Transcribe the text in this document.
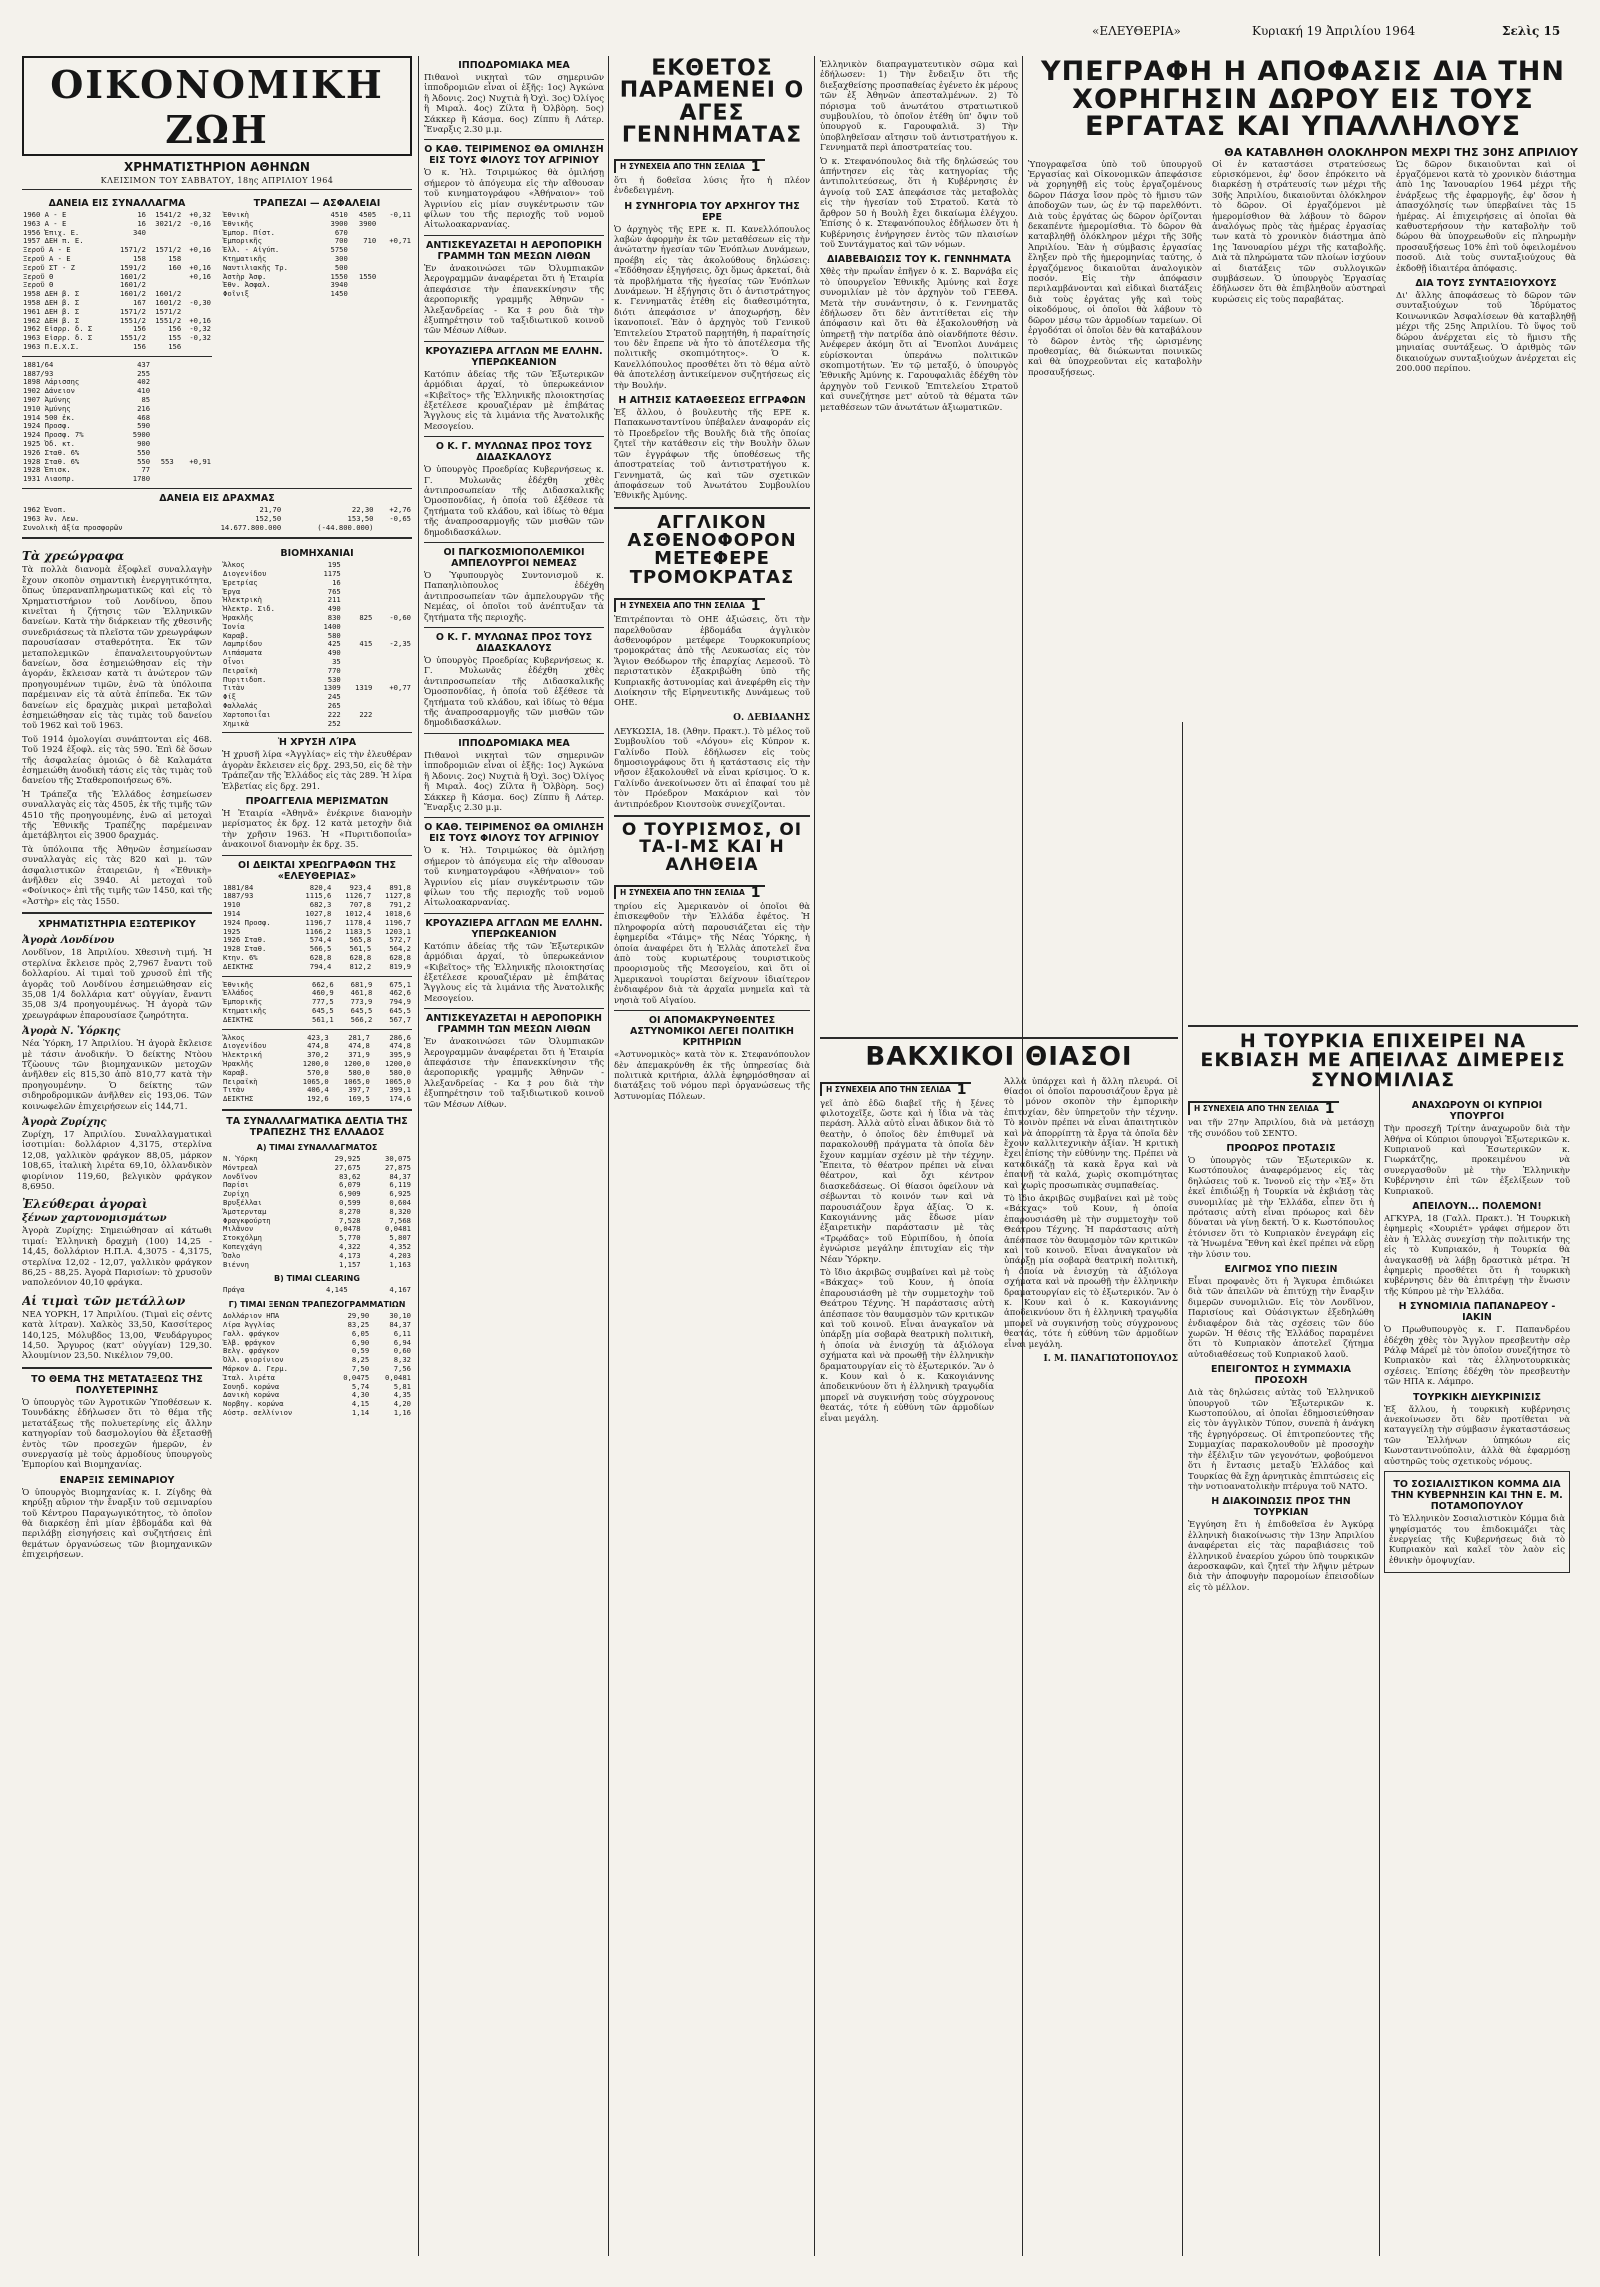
«ΕΛΕΥΘΕΡΙΑ»	Κυριακή 19 Ἀπριλίου 1964	Σελὶς 15
ΟΙΚΟΝΟΜΙΚΗ ΖΩΗ
ΧΡΗΜΑΤΙΣΤΗΡΙΟΝ ΑΘΗΝΩΝ
ΚΛΕΙΣΙΜΟΝ ΤΟΥ ΣΑΒΒΑΤΟΥ, 18ης ΑΠΡΙΛΙΟΥ 1964
ΔΑΝΕΙΑ ΕΙΣ ΣΥΝΑΛΛΑΓΜΑ
1960 Α - Ε	16	1541/2	+0,32
1963 Α - Ε	16	3021/2	-0,16
1956 Ἐπιχ. Ε.	340		
1957 ΔΕΗ π. Ε.			
Ξεροῦ Α - Ε	1571/2	1571/2	+0,16
Ξεροῦ Α - Ε	158	158	
Ξεροῦ ΣΤ - Ζ	1591/2	160	+0,16
Ξεροῦ Θ	1601/2		+0,16
Ξεροῦ Θ	1601/2		
1958 ΔΕΗ β. Σ	1601/2	1601/2	
1958 ΔΕΗ β. Σ	167	1601/2	-0,30
1961 ΔΕΗ β. Σ	1571/2	1571/2	
1962 ΔΕΗ β. Σ	1551/2	1551/2	+0,16
1962 Εἰσρρ. δ. Σ	156	156	-0,32
1963 Εἰσρρ. δ. Σ	1551/2	155	-0,32
1963 Π.Ε.Χ.Σ.	156	156	
1881/64	437		
1887/93	255		
1898 Λάρισσης	402		
1902 Δάνειον	410		
1907 Ἀμύνης	85		
1910 Ἀμύνης	216		
1914 500 ἐκ.	468		
1924 Προσφ.	590		
1924 Προσφ. 7%	5900		
1925 Ὀδ. κτ.	900		
1926 Σταθ. 6%	550		
1928 Σταθ. 6%	550	553	+0,91
1928 Ἐπισκ.	77		
1931 Λιαοπρ.	1780		
ΤΡΑΠΕΖΑΙ — ΑΣΦΑΛΕΙΑΙ
Ἐθνικὴ	4510	4505	-0,11
Ἐθνικῆς	3900	3900	
Ἐμπορ. Πίστ.	670		
Ἐμπορικῆς	700	710	+0,71
Ἑλλ. - Αἰγύπ.	5750		
Κτηματικῆς	300		
Ναυτιλιακῆς Τρ.	500		
Ἀστὴρ Ἀσφ.	1550	1550	
Ἐθν. Ἀσφαλ.	3940		
Φοῖνιξ	1450		
ΔΑΝΕΙΑ ΕΙΣ ΔΡΑΧΜΑΣ
1962 Ἐνοπ.	21,70	22,30	+2,76
1963 Ἀν. Λεω.	152,50	153,50	-0,65
Συνολικὴ ἀξία προσφορῶν	14.677.800.000	(-44.800.000)	
Τὰ χρεώγραφα

Τὰ πολλὰ διανομὰ ἐξοφλεῖ συναλλαγὴν ἔχουν σκοπὸν σημαντικὴ ἐνεργητικότητα, ὅπως ὑπεραναπληρωματικῶς καὶ εἰς τὸ Χρηματιστήριον τοῦ Λονδίνου, ὅπου κινεῖται ἡ ζήτησις τῶν Ἑλληνικῶν δανείων. Κατὰ τὴν διάρκειαν τῆς χθεσινῆς συνεδριάσεως τὰ πλεῖστα τῶν χρεωγράφων παρουσίασαν σταθερότητα. Ἐκ τῶν μεταπολεμικῶν ἐπαναλειτουργούντων δανείων, ὅσα ἐσημειώθησαν εἰς τὴν ἀγοράν, ἔκλεισαν κατὰ τι ἀνώτερον τῶν προηγουμένων τιμῶν, ἐνῶ τὰ ὑπόλοιπα παρέμειναν εἰς τὰ αὐτὰ ἐπίπεδα. Ἐκ τῶν δανείων εἰς δραχμὰς μικραὶ μεταβολαὶ ἐσημειώθησαν εἰς τὰς τιμὰς τοῦ δανείου τοῦ 1962 καὶ τοῦ 1963.

Τοῦ 1914 ὁμολογίαι συνάπτονται εἰς 468. Τοῦ 1924 ἐξοφλ. εἰς τὰς 590. Ἐπὶ δὲ ὅσων τῆς ἀσφαλείας ὁμοιῶς ὁ δὲ Καλαμάτα ἐσημειώθη ἀνοδικὴ τάσις εἰς τὰς τιμὰς τοῦ δανείου τῆς Σταθεροποιήσεως 6%.

Ἡ Τράπεζα τῆς Ἑλλάδος ἐσημείωσεν συναλλαγὰς εἰς τὰς 4505, ἐκ τῆς τιμῆς τῶν 4510 τῆς προηγουμένης, ἐνῶ αἱ μετοχαὶ τῆς Ἐθνικῆς Τραπέζης παρέμειναν ἀμετάβλητοι εἰς 3900 δραχμάς.

Τὰ ὑπόλοιπα τῆς Ἀθηνῶν ἐσημείωσαν συναλλαγὰς εἰς τὰς 820 καὶ μ. τῶν ἀσφαλιστικῶν ἐταιρειῶν, ἡ «Ἐθνικὴ» ἀνῆλθεν εἰς 3940. Αἱ μετοχαὶ τοῦ «Φοίνικος» ἐπὶ τῆς τιμῆς τῶν 1450, καὶ τῆς «Ἀστὴρ» εἰς τὰς 1550.

ΧΡΗΜΑΤΙΣΤΗΡΙΑ ΕΞΩΤΕΡΙΚΟΥ
Ἀγορὰ Λονδίνου

Λονδῖνον, 18 Ἀπριλίου. Χθεσινὴ τιμή. Ἡ στερλίνα ἔκλεισε πρὸς 2,7967 ἔναντι τοῦ δολλαρίου. Αἱ τιμαὶ τοῦ χρυσοῦ ἐπὶ τῆς ἀγορᾶς τοῦ Λονδίνου ἐσημειώθησαν εἰς 35,08 1/4 δολλάρια κατ' οὐγγίαν, ἔναντι 35,08 3/4 προηγουμένως. Ἡ ἀγορὰ τῶν χρεωγράφων ἐπαρουσίασε ζωηρότητα.

Ἀγορὰ Ν. Ὑόρκης

Νέα Ὑόρκη, 17 Ἀπριλίου. Ἡ ἀγορὰ ἔκλεισε μὲ τάσιν ἀνοδικήν. Ὁ δείκτης Ντὸου Τζὼουνς τῶν βιομηχανικῶν μετοχῶν ἀνῆλθεν εἰς 815,30 ἀπὸ 810,77 κατὰ τὴν προηγουμένην. Ὁ δείκτης τῶν σιδηροδρομικῶν ἀνῆλθεν εἰς 193,06. Τῶν κοινωφελῶν ἐπιχειρήσεων εἰς 144,71.

Ἀγορὰ Ζυρίχης

Ζυρίχη, 17 Ἀπριλίου. Συναλλαγματικαὶ ἰσοτιμίαι: δολλάριον 4,3175, στερλίνα 12,08, γαλλικὸν φράγκον 88,05, μάρκον 108,65, ἰταλικὴ λιρέτα 69,10, ὀλλανδικὸν φιορίνιον 119,60, βελγικὸν φράγκον 8,6950.

Ἐλεύθεραι ἀγοραὶ
ξένων χαρτονομισμάτων

Ἀγορὰ Ζυρίχης: Σημειώθησαν αἱ κάτωθι τιμαί: Ἑλληνικὴ δραχμὴ (100) 14,25 - 14,45, δολλάριον Η.Π.Α. 4,3075 - 4,3175, στερλίνα 12,02 - 12,07, γαλλικὸν φράγκον 86,25 - 88,25. Ἀγορὰ Παρισίων: τὸ χρυσοῦν ναπολεόνιον 40,10 φράγκα.

Αἱ τιμαὶ τῶν μετάλλων

ΝΕΑ ΥΟΡΚΗ, 17 Ἀπριλίου. (Τιμαὶ εἰς σέντς κατὰ λίτραν). Χαλκὸς 33,50, Κασσίτερος 140,125, Μόλυβδος 13,00, Ψευδάργυρος 14,50. Ἄργυρος (κατ' οὐγγίαν) 129,30. Ἀλουμίνιον 23,50. Νικέλιον 79,00.

ΤΟ ΘΕΜΑ ΤΗΣ ΜΕΤΑΤΑΞΕΩΣ ΤΗΣ ΠΟΛΥΕΤΕΡΙΝΗΣ

Ὁ ὑπουργὸς τῶν Ἀγροτικῶν Ὑποθέσεων κ. Τουνδάκης ἐδήλωσεν ὅτι τὸ θέμα τῆς μετατάξεως τῆς πολυετερίνης εἰς ἄλλην κατηγορίαν τοῦ δασμολογίου θὰ ἐξετασθῇ ἐντὸς τῶν προσεχῶν ἡμερῶν, ἐν συνεργασίᾳ μὲ τοὺς ἀρμοδίους ὑπουργοὺς Ἐμπορίου καὶ Βιομηχανίας.

ΕΝΑΡΞΙΣ ΣΕΜΙΝΑΡΙΟΥ

Ὁ ὑπουργὸς Βιομηχανίας κ. Ι. Ζίγδης θὰ κηρύξῃ αὔριον τὴν ἔναρξιν τοῦ σεμιναρίου τοῦ Κέντρου Παραγωγικότητος, τὸ ὁποῖον θὰ διαρκέσῃ ἐπὶ μίαν ἑβδομάδα καὶ θὰ περιλάβῃ εἰσηγήσεις καὶ συζητήσεις ἐπὶ θεμάτων ὀργανώσεως τῶν βιομηχανικῶν ἐπιχειρήσεων.

ΒΙΟΜΗΧΑΝΙΑΙ
Ἄλκος	195		
Διογενίδου	1175		
Ἐρετρίας	16		
Ἐργα	765		
Ἠλεκτρικὴ	211		
Ἠλεκτρ. Σιδ.	490		
Ἡρακλῆς	830	825	-0,60
Ἰονία	1400		
Καραβ.	580		
Λαμπρίδου	425	415	-2,35
Λιπάσματα	490		
Οἶνοι	35		
Πειραϊκὴ	770		
Πυριτιδοπ.	530		
Τιτὰν	1309	1319	+0,77
Φίξ	245		
Φαλλαλάς	265		
Χαρτοποιΐαι	222	222	
Χημικὰ	252		
Ἡ ΧΡΥΣΗ͂ ΛΊΡΑ

Ἡ χρυσῆ λίρα «Ἀγγλίας» εἰς τὴν ἐλευθέραν ἀγορὰν ἔκλεισεν εἰς δρχ. 293,50, εἰς δὲ τὴν Τράπεζαν τῆς Ἑλλάδος εἰς τὰς 289. Ἡ λίρα Ἑλβετίας εἰς δρχ. 291.

ΠΡΟΑΓΓΕΛΙΑ ΜΕΡΙΣΜΑΤΩΝ

Ἡ Ἑταιρία «Ἀθηνᾶ» ἐνέκρινε διανομὴν μερίσματος ἐκ δρχ. 12 κατὰ μετοχὴν διὰ τὴν χρῆσιν 1963. Ἡ «Πυριτιδοποιΐα» ἀνακοινοῖ διανομὴν ἐκ δρχ. 35.

ΟΙ ΔΕΙΚΤΑΙ ΧΡΕΩΓΡΑΦΩΝ ΤΗΣ «ΕΛΕΥΘΕΡΙΑΣ»
1881/84	820,4	923,4	891,8
1887/93	1115,6	1126,7	1127,8
1910	682,3	707,8	791,2
1914	1027,8	1012,4	1018,6
1924 Προσφ.	1196,7	1178,4	1196,7
1925	1166,2	1183,5	1203,1
1926 Σταθ.	574,4	565,8	572,7
1928 Σταθ.	566,5	561,5	564,2
Κτην. 6%	628,8	628,8	628,8
ΔΕΙΚΤΗΣ	794,4	812,2	819,9
Ἐθνικῆς	662,6	681,9	675,1
Ἑλλάδος	460,9	461,8	462,6
Ἐμπορικῆς	777,5	773,9	794,9
Κτηματικῆς	645,5	645,5	645,5
ΔΕΙΚΤΗΣ	561,1	566,2	567,7
Ἄλκος	423,3	281,7	286,6
Διογενίδου	474,8	474,8	474,8
Ἠλεκτρική	370,2	371,9	395,9
Ἡρακλῆς	1200,0	1200,0	1200,0
Καραβ.	570,0	580,0	580,0
Πειραϊκὴ	1065,0	1065,0	1065,0
Τιτὰν	406,4	397,7	399,1
ΔΕΙΚΤΗΣ	192,6	169,5	174,6
ΤΑ ΣΥΝΑΛΛΑΓΜΑΤΙΚΑ ΔΕΛΤΙΑ ΤΗΣ ΤΡΑΠΕΖΗΣ ΤΗΣ ΕΛΛΑΔΟΣ
Α) ΤΙΜΑΙ ΣΥΝΑΛΛΑΓΜΑΤΟΣ
Ν. Ὑόρκη	29,925	30,075
Μόντρεαλ	27,675	27,875
Λονδῖνον	83,62	84,37
Παρίσι	6,079	6,119
Ζυρίχη	6,909	6,925
Βρυξέλλαι	0,599	0,604
Ἄμστερνταμ	8,270	8,320
Φραγκφούρτη	7,528	7,568
Μιλᾶνον	0,0478	0,0481
Στοκχόλμη	5,770	5,807
Κοπεγχάγη	4,322	4,352
Ὄσλο	4,173	4,203
Βιέννη	1,157	1,163
Β) ΤΙΜΑΙ CLEARING
Πράγα	4,145	4,167
Γ) ΤΙΜΑΙ ΞΕΝΩΝ ΤΡΑΠΕΖΟΓΡΑΜΜΑΤΙΩΝ
Δολλάριον ΗΠΑ	29,90	30,10
Λίρα Ἀγγλίας	83,25	84,37
Γαλλ. φράγκον	6,05	6,11
Ἑλβ. φράγκον	6,90	6,94
Βελγ. φράγκον	0,59	0,60
Ὀλλ. φιορίνιον	8,25	8,32
Μάρκον Δ. Γερμ.	7,50	7,56
Ἰταλ. λιρέτα	0,0475	0,0481
Σουηδ. κορώνα	5,74	5,81
Δανικὴ κορώνα	4,30	4,35
Νορβηγ. κορώνα	4,15	4,20
Αὐστρ. σελλίνιον	1,14	1,16
ΙΠΠΟΔΡΟΜΙΑΚΑ ΜΕΑ

Πιθανοὶ νικηταὶ τῶν σημερινῶν ἱπποδρομιῶν εἶναι οἱ ἑξῆς: 1ος) Ἀγκώνα ἢ Ἀδονις. 2ος) Νυχτιὰ ἢ Ὀχὶ. 3ος) Ὀλίγος ἢ Μιραλ. 4ος) Ζίλτα ἢ Ὀλβὸρη. 5ος) Σάκκερ ἢ Κάσμα. 6ος) Ζίππυ ἢ Λάτερ. Ἔναρξις 2.30 μ.μ.

Ο ΚΑΘ. ΤΕΙΡΙΜΕΝΟΣ ΘΑ ΟΜΙΛΗΣΗ ΕΙΣ ΤΟΥΣ ΦΙΛΟΥΣ ΤΟΥ ΑΓΡΙΝΙΟΥ

Ὁ κ. Ἡλ. Τσιριμώκος θὰ ὁμιλήσῃ σήμερον τὸ ἀπόγευμα εἰς τὴν αἴθουσαν τοῦ κινηματογράφου «Ἀθήναιον» τοῦ Ἀγρινίου εἰς μίαν συγκέντρωσιν τῶν φίλων του τῆς περιοχῆς τοῦ νομοῦ Αἰτωλοακαρνανίας.

ΑΝΤΙΣΚΕΥΑΖΕΤΑΙ Η ΑΕΡΟΠΟΡΙΚΗ ΓΡΑΜΜΗ ΤΩΝ ΜΕΣΩΝ ΛΙΘΩΝ

Ἐν ἀνακοινώσει τῶν Ὀλυμπιακῶν Ἀερογραμμῶν ἀναφέρεται ὅτι ἡ Ἑταιρία ἀπεφάσισε τὴν ἐπανεκκίνησιν τῆς ἀεροπορικῆς γραμμῆς Ἀθηνῶν - Ἀλεξανδρείας - Κα‡ρου διὰ τὴν ἐξυπηρέτησιν τοῦ ταξιδιωτικοῦ κοινοῦ τῶν Μέσων Λίθων.

ΚΡΟΥΑΖΙΕΡΑ ΑΓΓΛΩΝ ΜΕ ΕΛΛΗΝ. ΥΠΕΡΩΚΕΑΝΙΟΝ

Κατόπιν ἀδείας τῆς τῶν Ἐξωτερικῶν ἀρμόδιαι ἀρχαί, τὸ ὑπερωκεάνιον «Κιβεῖτος» τῆς Ἑλληνικῆς πλοιοκτησίας ἐξετέλεσε κρουαζιέραν μὲ ἐπιβάτας Ἄγγλους εἰς τὰ λιμάνια τῆς Ἀνατολικῆς Μεσογείου.

Ο Κ. Γ. ΜΥΛΩΝΑΣ ΠΡΟΣ ΤΟΥΣ ΔΙΔΑΣΚΑΛΟΥΣ

Ὁ ὑπουργὸς Προεδρίας Κυβερνήσεως κ. Γ. Μυλωνᾶς ἐδέχθη χθὲς ἀντιπροσωπείαν τῆς Διδασκαλικῆς Ὁμοσπονδίας, ἡ ὁποία τοῦ ἐξέθεσε τὰ ζητήματα τοῦ κλάδου, καὶ ἰδίως τὸ θέμα τῆς ἀναπροσαρμογῆς τῶν μισθῶν τῶν δημοδιδασκάλων.

ΟΙ ΠΑΓΚΟΣΜΙΟΠΟΛΕΜΙΚΟΙ ΑΜΠΕΛΟΥΡΓΟΙ ΝΕΜΕΑΣ

Ὁ Ὑφυπουργὸς Συντονισμοῦ κ. Παπαηλιὸπουλος ἐδέχθη ἀντιπροσωπείαν τῶν ἀμπελουργῶν τῆς Νεμέας, οἱ ὁποῖοι τοῦ ἀνέπτυξαν τὰ ζητήματα τῆς περιοχῆς.

Ο Κ. Γ. ΜΥΛΩΝΑΣ ΠΡΟΣ ΤΟΥΣ ΔΙΔΑΣΚΑΛΟΥΣ

Ὁ ὑπουργὸς Προεδρίας Κυβερνήσεως κ. Γ. Μυλωνᾶς ἐδέχθη χθὲς ἀντιπροσωπείαν τῆς Διδασκαλικῆς Ὁμοσπονδίας, ἡ ὁποία τοῦ ἐξέθεσε τὰ ζητήματα τοῦ κλάδου, καὶ ἰδίως τὸ θέμα τῆς ἀναπροσαρμογῆς τῶν μισθῶν τῶν δημοδιδασκάλων.

ΙΠΠΟΔΡΟΜΙΑΚΑ ΜΕΑ

Πιθανοὶ νικηταὶ τῶν σημερινῶν ἱπποδρομιῶν εἶναι οἱ ἑξῆς: 1ος) Ἀγκώνα ἢ Ἀδονις. 2ος) Νυχτιὰ ἢ Ὀχὶ. 3ος) Ὀλίγος ἢ Μιραλ. 4ος) Ζίλτα ἢ Ὀλβὸρη. 5ος) Σάκκερ ἢ Κάσμα. 6ος) Ζίππυ ἢ Λάτερ. Ἔναρξις 2.30 μ.μ.

Ο ΚΑΘ. ΤΕΙΡΙΜΕΝΟΣ ΘΑ ΟΜΙΛΗΣΗ ΕΙΣ ΤΟΥΣ ΦΙΛΟΥΣ ΤΟΥ ΑΓΡΙΝΙΟΥ

Ὁ κ. Ἡλ. Τσιριμώκος θὰ ὁμιλήσῃ σήμερον τὸ ἀπόγευμα εἰς τὴν αἴθουσαν τοῦ κινηματογράφου «Ἀθήναιον» τοῦ Ἀγρινίου εἰς μίαν συγκέντρωσιν τῶν φίλων του τῆς περιοχῆς τοῦ νομοῦ Αἰτωλοακαρνανίας.

ΚΡΟΥΑΖΙΕΡΑ ΑΓΓΛΩΝ ΜΕ ΕΛΛΗΝ. ΥΠΕΡΩΚΕΑΝΙΟΝ

Κατόπιν ἀδείας τῆς τῶν Ἐξωτερικῶν ἀρμόδιαι ἀρχαί, τὸ ὑπερωκεάνιον «Κιβεῖτος» τῆς Ἑλληνικῆς πλοιοκτησίας ἐξετέλεσε κρουαζιέραν μὲ ἐπιβάτας Ἄγγλους εἰς τὰ λιμάνια τῆς Ἀνατολικῆς Μεσογείου.

ΑΝΤΙΣΚΕΥΑΖΕΤΑΙ Η ΑΕΡΟΠΟΡΙΚΗ ΓΡΑΜΜΗ ΤΩΝ ΜΕΣΩΝ ΛΙΘΩΝ

Ἐν ἀνακοινώσει τῶν Ὀλυμπιακῶν Ἀερογραμμῶν ἀναφέρεται ὅτι ἡ Ἑταιρία ἀπεφάσισε τὴν ἐπανεκκίνησιν τῆς ἀεροπορικῆς γραμμῆς Ἀθηνῶν - Ἀλεξανδρείας - Κα‡ρου διὰ τὴν ἐξυπηρέτησιν τοῦ ταξιδιωτικοῦ κοινοῦ τῶν Μέσων Λίθων.

ΕΚΘΕΤΟΣ ΠΑΡΑΜΕΝΕΙ Ο ΑΓΕΣ ΓΕΝΝΗΜΑΤΑΣ
Η ΣΥΝΕΧΕΙΑ ΑΠΟ ΤΗΝ ΣΕΛΙΔΑ 1

ὅτι ἡ δοθεῖσα λύσις ἦτο ἡ πλέον ἐνδεδειγμένη.

Η ΣΥΝΗΓΟΡΙΑ ΤΟΥ ΑΡΧΗΓΟΥ ΤΗΣ ΕΡΕ

Ὁ ἀρχηγὸς τῆς ΕΡΕ κ. Π. Κανελλόπουλος λαβὼν ἀφορμὴν ἐκ τῶν μεταθέσεων εἰς τὴν ἀνώτατην ἡγεσίαν τῶν Ἐνόπλων Δυνάμεων, προέβη εἰς τὰς ἀκολούθους δηλώσεις: «Ἐδόθησαν ἐξηγήσεις, ὄχι ὅμως ἀρκεταί, διὰ τὰ προβλήματα τῆς ἡγεσίας τῶν Ἐνόπλων Δυνάμεων. Ἡ ἐξήγησις ὅτι ὁ ἀντιστράτηγος κ. Γεννηματᾶς ἐτέθη εἰς διαθεσιμότητα, διότι ἀπεφάσισε ν' ἀποχωρήσῃ, δὲν ἱκανοποιεῖ. Ἐὰν ὁ ἀρχηγὸς τοῦ Γενικοῦ Ἐπιτελείου Στρατοῦ παρῃτήθη, ἡ παραίτησίς του δὲν ἔπρεπε νὰ ἦτο τὸ ἀποτέλεσμα τῆς πολιτικῆς σκοπιμότητος». Ὁ κ. Κανελλόπουλος προσθέτει ὅτι τὸ θέμα αὐτὸ θὰ ἀποτελέσῃ ἀντικείμενον συζητήσεως εἰς τὴν Βουλήν.

Η ΑΙΤΗΣΙΣ ΚΑΤΑΘΕΣΕΩΣ ΕΓΓΡΑΦΩΝ

Ἐξ ἄλλου, ὁ βουλευτὴς τῆς ΕΡΕ κ. Παπακωνσταντίνου ὑπέβαλεν ἀναφοράν εἰς τὸ Προεδρεῖον τῆς Βουλῆς διὰ τῆς ὁποίας ζητεῖ τὴν κατάθεσιν εἰς τὴν Βουλὴν ὅλων τῶν ἐγγράφων τῆς ὑποθέσεως τῆς ἀποστρατείας τοῦ ἀντιστρατήγου κ. Γεννηματᾶ, ὡς καὶ τῶν σχετικῶν ἀποφάσεων τοῦ Ἀνωτάτου Συμβουλίου Ἐθνικῆς Ἀμύνης.

ΑΓΓΛΙΚΟΝ ΑΣΘΕΝΟΦΟΡΟΝ ΜΕΤΕΦΕΡΕ ΤΡΟΜΟΚΡΑΤΑΣ
Η ΣΥΝΕΧΕΙΑ ΑΠΟ ΤΗΝ ΣΕΛΙΔΑ 1

Ἐπιτρέπονται τὸ ΟΗΕ ἀξιώσεις, ὅτι τὴν παρελθοῦσαν ἑβδομάδα ἀγγλικὸν ἀσθενοφόρον μετέφερε Τουρκοκυπρίους τρομοκράτας ἀπὸ τῆς Λευκωσίας εἰς τὸν Ἅγιον Θεόδωρον τῆς ἐπαρχίας Λεμεσοῦ. Τὸ περιστατικὸν ἐξακριβώθη ὑπὸ τῆς Κυπριακῆς ἀστυνομίας καὶ ἀνεφέρθη εἰς τὴν Διοίκησιν τῆς Εἰρηνευτικῆς Δυνάμεως τοῦ ΟΗΕ.

Ο. ΔΕΒΙΔΑΝΗΣ

ΛΕΥΚΩΣΙΑ, 18. (Ἀθην. Πρακτ.). Τὸ μέλος τοῦ Συμβουλίου τοῦ «Λόγου» εἰς Κύπρον κ. Γαλίνδο Ποὺλ ἐδήλωσεν εἰς τοὺς δημοσιογράφους ὅτι ἡ κατάστασις εἰς τὴν νῆσον ἐξακολουθεῖ νὰ εἶναι κρίσιμος. Ὁ κ. Γαλίνδο ἀνεκοίνωσεν ὅτι αἱ ἐπαφαί του μὲ τὸν Πρόεδρον Μακάριον καὶ τὸν ἀντιπρόεδρον Κιουτσοὺκ συνεχίζονται.

Ο ΤΟΥΡΙΣΜΟΣ, ΟΙ ΤΑ-Ι-ΜΣ ΚΑΙ Η ΑΛΗΘΕΙΑ
Η ΣΥΝΕΧΕΙΑ ΑΠΟ ΤΗΝ ΣΕΛΙΔΑ 1

τηρίου εἰς Ἀμερικανὸν οἱ ὁποῖοι θὰ ἐπισκεφθοῦν τὴν Ἑλλάδα ἐφέτος. Ἡ πληροφορία αὐτὴ παρουσιάζεται εἰς τὴν ἐφημερίδα «Τάιμς» τῆς Νέας Ὑόρκης, ἡ ὁποία ἀναφέρει ὅτι ἡ Ἑλλὰς ἀποτελεῖ ἕνα ἀπὸ τοὺς κυριωτέρους τουριστικοὺς προορισμοὺς τῆς Μεσογείου, καὶ ὅτι οἱ Ἀμερικανοὶ τουρίσται δείχνουν ἰδιαίτερον ἐνδιαφέρον διὰ τὰ ἀρχαῖα μνημεῖα καὶ τὰ νησιὰ τοῦ Αἰγαίου.

ΟΙ ΑΠΟΜΑΚΡΥΝΘΕΝΤΕΣ ΑΣΤΥΝΟΜΙΚΟΙ ΛΕΓΕΙ ΠΟΛΙΤΙΚΗ ΚΡΙΤΗΡΙΩΝ

«Ἀστυνομικὸς» κατὰ τὸν κ. Στεφανόπουλον δὲν ἀπεμακρύνθη ἐκ τῆς ὑπηρεσίας διὰ πολιτικὰ κριτήρια, ἀλλὰ ἐφηρμόσθησαν αἱ διατάξεις τοῦ νόμου περὶ ὀργανώσεως τῆς Ἀστυνομίας Πόλεων.

Ἑλληνικὸν διαπραγματευτικὸν σῶμα καὶ ἐδήλωσεν: 1) Τὴν ἔνδειξιν ὅτι τῆς διεξαχθείσης προσπαθείας ἐγένετο ἐκ μέρους τῶν ἐξ Ἀθηνῶν ἀπεσταλμένων. 2) Τὸ πόρισμα τοῦ ἀνωτάτου στρατιωτικοῦ συμβουλίου, τὸ ὁποῖον ἐτέθη ὑπ' ὄψιν τοῦ ὑπουργοῦ κ. Γαρουφαλιᾶ. 3) Τὴν ὑποβληθεῖσαν αἴτησιν τοῦ ἀντιστρατήγου κ. Γεννηματᾶ περὶ ἀποστρατείας του.

Ὁ κ. Στεφανόπουλος διὰ τῆς δηλώσεώς του ἀπήντησεν εἰς τὰς κατηγορίας τῆς ἀντιπολιτεύσεως, ὅτι ἡ Κυβέρνησις ἐν ἀγνοίᾳ τοῦ ΣΑΣ ἀπεφάσισε τὰς μεταβολὰς εἰς τὴν ἡγεσίαν τοῦ Στρατοῦ. Κατὰ τὸ ἄρθρον 50 ἡ Βουλὴ ἔχει δικαίωμα ἐλέγχου. Ἐπίσης ὁ κ. Στεφανόπουλος ἐδήλωσεν ὅτι ἡ Κυβέρνησις ἐνήργησεν ἐντὸς τῶν πλαισίων τοῦ Συντάγματος καὶ τῶν νόμων.

ΔΙΑΒΕΒΑΙΩΣΙΣ ΤΟΥ Κ. ΓΕΝΝΗΜΑΤΑ

Χθὲς τὴν πρωΐαν ἐπῆγεν ὁ κ. Σ. Βαρνάβα εἰς τὸ ὑπουργεῖον Ἐθνικῆς Ἀμύνης καὶ ἔσχε συνομιλίαν μὲ τὸν ἀρχηγὸν τοῦ ΓΕΕΘΑ. Μετὰ τὴν συνάντησιν, ὁ κ. Γεννηματᾶς ἐδήλωσεν ὅτι δὲν ἀντιτίθεται εἰς τὴν ἀπόφασιν καὶ ὅτι θὰ ἐξακολουθήσῃ νὰ ὑπηρετῇ τὴν πατρίδα ἀπὸ οἱανδήποτε θέσιν. Ἀνέφερεν ἀκόμη ὅτι αἱ Ἔνοπλοι Δυνάμεις εὑρίσκονται ὑπεράνω πολιτικῶν σκοπιμοτήτων. Ἐν τῷ μεταξύ, ὁ ὑπουργὸς Ἐθνικῆς Ἀμύνης κ. Γαρουφαλιᾶς ἐδέχθη τὸν ἀρχηγὸν τοῦ Γενικοῦ Ἐπιτελείου Στρατοῦ καὶ συνεζήτησε μετ' αὐτοῦ τὰ θέματα τῶν μεταθέσεων τῶν ἀνωτάτων ἀξιωματικῶν.

ΒΑΚΧΙΚΟΙ ΘΙΑΣΟΙ
Η ΣΥΝΕΧΕΙΑ ΑΠΟ ΤΗΝ ΣΕΛΙΔΑ 1

γεῖ ἀπὸ ἐδῶ διαβεῖ τῆς ἡ ξένες φιλοτοχεῖξε, ὥστε καὶ ἡ ἴδια νὰ τὰς περάση. Ἀλλὰ αὐτὸ εἶναι ἄδικον διὰ τὸ θεατὴν, ὁ ὁποῖος δὲν ἐπιθυμεῖ νὰ παρακολουθῇ πράγματα τὰ ὁποῖα δὲν ἔχουν καμμίαν σχέσιν μὲ τὴν τέχνην. Ἔπειτα, τὸ θέατρον πρέπει νὰ εἶναι θέατρον, καὶ ὄχι κέντρον διασκεδάσεως. Οἱ θίασοι ὀφείλουν νὰ σέβωνται τὸ κοινόν των καὶ νὰ παρουσιάζουν ἔργα ἀξίας. Ὁ κ. Κακογιάννης μᾶς ἔδωσε μίαν ἐξαιρετικὴν παράστασιν μὲ τὰς «Τρῳάδας» τοῦ Εὐριπίδου, ἡ ὁποία ἐγνώρισε μεγάλην ἐπιτυχίαν εἰς τὴν Νέαν Ὑόρκην.

Τὸ ἴδιο ἀκριβῶς συμβαίνει καὶ μὲ τοὺς «Βάκχας» τοῦ Κουν, ἡ ὁποία ἐπαρουσιάσθη μὲ τὴν συμμετοχὴν τοῦ Θεάτρου Τέχνης. Ἡ παράστασις αὐτὴ ἀπέσπασε τὸν θαυμασμὸν τῶν κριτικῶν καὶ τοῦ κοινοῦ. Εἶναι ἀναγκαῖον νὰ ὑπάρξῃ μία σοβαρὰ θεατρικὴ πολιτικὴ, ἡ ὁποία νὰ ἐνισχύῃ τὰ ἀξιόλογα σχήματα καὶ νὰ προωθῇ τὴν ἑλληνικὴν δραματουργίαν εἰς τὸ ἐξωτερικόν. Ἂν ὁ κ. Κουν καὶ ὁ κ. Κακογιάννης ἀποδεικνύουν ὅτι ἡ ἑλληνικὴ τραγῳδία μπορεῖ νὰ συγκινήσῃ τοὺς σύγχρονους θεατάς, τότε ἡ εὐθύνη τῶν ἁρμοδίων εἶναι μεγάλη.

Ἀλλὰ ὑπάρχει καὶ ἡ ἄλλη πλευρά. Οἱ θίασοι οἱ ὁποῖοι παρουσιάζουν ἔργα μὲ τὸ μόνον σκοπὸν τὴν ἐμπορικὴν ἐπιτυχίαν, δὲν ὑπηρετοῦν τὴν τέχνην. Τὸ κοινὸν πρέπει νὰ εἶναι ἀπαιτητικὸν καὶ νὰ ἀπορρίπτῃ τὰ ἔργα τὰ ὁποῖα δὲν ἔχουν καλλιτεχνικὴν ἀξίαν. Ἡ κριτικὴ ἔχει ἐπίσης τὴν εὐθύνην της. Πρέπει νὰ καταδικάζῃ τὰ κακὰ ἔργα καὶ νὰ ἐπαινῇ τὰ καλά, χωρὶς σκοπιμότητας καὶ χωρὶς προσωπικὰς συμπαθείας.

Τὸ ἴδιο ἀκριβῶς συμβαίνει καὶ μὲ τοὺς «Βάκχας» τοῦ Κουν, ἡ ὁποία ἐπαρουσιάσθη μὲ τὴν συμμετοχὴν τοῦ Θεάτρου Τέχνης. Ἡ παράστασις αὐτὴ ἀπέσπασε τὸν θαυμασμὸν τῶν κριτικῶν καὶ τοῦ κοινοῦ. Εἶναι ἀναγκαῖον νὰ ὑπάρξῃ μία σοβαρὰ θεατρικὴ πολιτικὴ, ἡ ὁποία νὰ ἐνισχύῃ τὰ ἀξιόλογα σχήματα καὶ νὰ προωθῇ τὴν ἑλληνικὴν δραματουργίαν εἰς τὸ ἐξωτερικόν. Ἂν ὁ κ. Κουν καὶ ὁ κ. Κακογιάννης ἀποδεικνύουν ὅτι ἡ ἑλληνικὴ τραγῳδία μπορεῖ νὰ συγκινήσῃ τοὺς σύγχρονους θεατάς, τότε ἡ εὐθύνη τῶν ἁρμοδίων εἶναι μεγάλη.

Ι. Μ. ΠΑΝΑΓΙΩΤΟΠΟΥΛΟΣ
ΥΠΕΓΡΑΦΗ Η ΑΠΟΦΑΣΙΣ ΔΙΑ ΤΗΝ ΧΟΡΗΓΗΣΙΝ ΔΩΡΟΥ ΕΙΣ ΤΟΥΣ ΕΡΓΑΤΑΣ ΚΑΙ ΥΠΑΛΛΗΛΟΥΣ
ΘΑ ΚΑΤΑΒΛΗΘΗ ΟΛΟΚΛΗΡΟΝ ΜΕΧΡΙ ΤΗΣ 30ΗΣ ΑΠΡΙΛΙΟΥ

Ὑπογραφεῖσα ὑπὸ τοῦ ὑπουργοῦ Ἐργασίας καὶ Οἰκονομικῶν ἀπεφάσισε νὰ χορηγηθῇ εἰς τοὺς ἐργαζομένους δῶρον Πάσχα ἴσον πρὸς τὸ ἥμισυ τῶν ἀποδοχῶν των, ὡς ἐν τῷ παρελθόντι. Διὰ τοὺς ἐργάτας ὡς δῶρον ὁρίζονται δεκαπέντε ἡμερομίσθια. Τὸ δῶρον θὰ καταβληθῇ ὁλόκληρον μέχρι τῆς 30ῆς Ἀπριλίου. Ἐὰν ἡ σύμβασις ἐργασίας ἔληξεν πρὸ τῆς ἡμερομηνίας ταύτης, ὁ ἐργαζόμενος δικαιοῦται ἀναλογικὸν ποσόν. Εἰς τὴν ἀπόφασιν περιλαμβάνονται καὶ εἰδικαὶ διατάξεις διὰ τοὺς ἐργάτας γῆς καὶ τοὺς οἰκοδόμους, οἱ ὁποῖοι θὰ λάβουν τὸ δῶρον μέσῳ τῶν ἀρμοδίων ταμείων. Οἱ ἐργοδόται οἱ ὁποῖοι δὲν θὰ καταβάλουν τὸ δῶρον ἐντὸς τῆς ὡρισμένης προθεσμίας, θὰ διώκωνται ποινικῶς καὶ θὰ ὑποχρεοῦνται εἰς καταβολὴν προσαυξήσεως.

Οἱ ἐν καταστάσει στρατεύσεως εὑρισκόμενοι, ἐφ' ὅσον ἐπρόκειτο νὰ διαρκέσῃ ἡ στράτευσίς των μέχρι τῆς 30ῆς Ἀπριλίου, δικαιοῦνται ὁλόκληρον τὸ δῶρον. Οἱ ἐργαζόμενοι μὲ ἡμερομίσθιον θὰ λάβουν τὸ δῶρον ἀναλόγως πρὸς τὰς ἡμέρας ἐργασίας των κατὰ τὸ χρονικὸν διάστημα ἀπὸ 1ης Ἰανουαρίου μέχρι τῆς καταβολῆς. Διὰ τὰ πληρώματα τῶν πλοίων ἰσχύουν αἱ διατάξεις τῶν συλλογικῶν συμβάσεων. Ὁ ὑπουργὸς Ἐργασίας ἐδήλωσεν ὅτι θὰ ἐπιβληθοῦν αὐστηραὶ κυρώσεις εἰς τοὺς παραβάτας.

Ὡς δῶρον δικαιοῦνται καὶ οἱ ἐργαζόμενοι κατὰ τὸ χρονικὸν διάστημα ἀπὸ 1ης Ἰανουαρίου 1964 μέχρι τῆς ἐνάρξεως τῆς ἐφαρμογῆς, ἐφ' ὅσον ἡ ἀπασχόλησίς των ὑπερβαίνει τὰς 15 ἡμέρας. Αἱ ἐπιχειρήσεις αἱ ὁποῖαι θὰ καθυστερήσουν τὴν καταβολὴν τοῦ δώρου θὰ ὑποχρεωθοῦν εἰς πληρωμὴν προσαυξήσεως 10% ἐπὶ τοῦ ὀφειλομένου ποσοῦ. Διὰ τοὺς συνταξιούχους θὰ ἐκδοθῇ ἰδιαιτέρα ἀπόφασις.

ΔΙΑ ΤΟΥΣ ΣΥΝΤΑΞΙΟΥΧΟΥΣ

Δι' ἄλλης ἀποφάσεως τὸ δῶρον τῶν συνταξιούχων τοῦ Ἱδρύματος Κοινωνικῶν Ἀσφαλίσεων θὰ καταβληθῇ μέχρι τῆς 25ης Ἀπριλίου. Τὸ ὕψος τοῦ δώρου ἀνέρχεται εἰς τὸ ἥμισυ τῆς μηνιαίας συντάξεως. Ὁ ἀριθμὸς τῶν δικαιούχων συνταξιούχων ἀνέρχεται εἰς 200.000 περίπου.

Η ΤΟΥΡΚΙΑ ΕΠΙΧΕΙΡΕΙ ΝΑ ΕΚΒΙΑΣΗ ΜΕ ΑΠΕΙΛΑΣ ΔΙΜΕΡΕΙΣ ΣΥΝΟΜΙΛΙΑΣ
Η ΣΥΝΕΧΕΙΑ ΑΠΟ ΤΗΝ ΣΕΛΙΔΑ 1

ναι τῆν 27ην Ἀπριλίου, διὰ νὰ μετάσχῃ τῆς συνόδου τοῦ ΣΕΝΤΟ.

ΠΡΟΩΡΟΣ ΠΡΟΤΑΣΙΣ

Ὁ ὑπουργὸς τῶν Ἐξωτερικῶν κ. Κωστόπουλος ἀναφερόμενος εἰς τὰς δηλώσεις τοῦ κ. Ἰνονοῦ εἰς τὴν «Ἐξ» ὅτι ἐκεῖ ἐπιδιώξῃ ἡ Τουρκία νὰ ἐκβιάσῃ τὰς συνομιλίας μὲ τὴν Ἑλλάδα, εἶπεν ὅτι ἡ πρότασις αὐτὴ εἶναι πρόωρος καὶ δὲν δύναται νὰ γίνῃ δεκτή. Ὁ κ. Κωστόπουλος ἐτόνισεν ὅτι τὸ Κυπριακὸν ἐνεγράφη εἰς τὰ Ἡνωμένα Ἔθνη καὶ ἐκεῖ πρέπει νὰ εὕρῃ τὴν λύσιν του.

ΕΛΙΓΜΟΣ ΥΠΟ ΠΙΕΣΙΝ

Εἶναι προφανὲς ὅτι ἡ Ἄγκυρα ἐπιδιώκει διὰ τῶν ἀπειλῶν νὰ ἐπιτύχῃ τὴν ἔναρξιν διμερῶν συνομιλιῶν. Εἰς τὸν Λονδῖνον, Παρισίους καὶ Οὐάσιγκτων ἐξεδηλώθη ἐνδιαφέρον διὰ τὰς σχέσεις τῶν δύο χωρῶν. Ἡ θέσις τῆς Ἑλλάδος παραμένει ὅτι τὸ Κυπριακὸν ἀποτελεῖ ζήτημα αὐτοδιαθέσεως τοῦ Κυπριακοῦ λαοῦ.

ΕΠΕΙΓΟΝΤΟΣ Η ΣΥΜΜΑΧΙΑ ΠΡΟΣΟΧΗ

Διὰ τὰς δηλώσεις αὐτὰς τοῦ Ἑλληνικοῦ ὑπουργοῦ τῶν Ἐξωτερικῶν κ. Κωστοπούλου, αἱ ὁποῖαι ἐδημοσιεύθησαν εἰς τὸν ἀγγλικὸν Τύπον, συνεπὰ ἡ ἀνάγκη τῆς ἐγρηγόρσεως. Οἱ ἐπιτροπεύοντες τῆς Συμμαχίας παρακολουθοῦν μὲ προσοχὴν τὴν ἐξέλιξιν τῶν γεγονότων, φοβούμενοι ὅτι ἡ ἔντασις μεταξὺ Ἑλλάδος καὶ Τουρκίας θὰ ἔχῃ ἀρνητικὰς ἐπιπτώσεις εἰς τὴν νοτιοανατολικὴν πτέρυγα τοῦ ΝΑΤΟ.

Η ΔΙΑΚΟΙΝΩΣΙΣ ΠΡΟΣ ΤΗΝ ΤΟΥΡΚΙΑΝ

Ἐγγύηση ἔτι ἡ ἐπιδοθεῖσα ἐν Ἀγκύρᾳ ἑλληνικὴ διακοίνωσις τὴν 13ην Ἀπριλίου ἀναφέρεται εἰς τὰς παραβιάσεις τοῦ ἑλληνικοῦ ἐναερίου χώρου ὑπὸ τουρκικῶν ἀεροσκαφῶν, καὶ ζητεῖ τὴν λῆψιν μέτρων διὰ τὴν ἀποφυγὴν παρομοίων ἐπεισοδίων εἰς τὸ μέλλον.

ΑΝΑΧΩΡΟΥΝ ΟΙ ΚΥΠΡΙΟΙ ΥΠΟΥΡΓΟΙ

Τὴν προσεχῆ Τρίτην ἀναχωροῦν διὰ τὴν Ἀθήνα οἱ Κύπριοι ὑπουργοὶ Ἐξωτερικῶν κ. Κυπριανοῦ καὶ Ἐσωτερικῶν κ. Γιωρκάτζης, προκειμένου νὰ συνεργασθοῦν μὲ τὴν Ἑλληνικὴν Κυβέρνησιν ἐπὶ τῶν ἐξελίξεων τοῦ Κυπριακοῦ.

ΑΠΕΙΛΟΥΝ... ΠΟΛΕΜΟΝ!

ΑΓΚΥΡΑ, 18 (Γαλλ. Πρακτ.). Ἡ Τουρκικὴ ἐφημερὶς «Χουριέτ» γράφει σήμερον ὅτι ἐὰν ἡ Ἑλλὰς συνεχίσῃ τὴν πολιτικήν της εἰς τὸ Κυπριακόν, ἡ Τουρκία θὰ ἀναγκασθῇ νὰ λάβῃ δραστικὰ μέτρα. Ἡ ἐφημερὶς προσθέτει ὅτι ἡ τουρκικὴ κυβέρνησις δὲν θὰ ἐπιτρέψῃ τὴν ἕνωσιν τῆς Κύπρου μὲ τὴν Ἑλλάδα.

Η ΣΥΝΟΜΙΛΙΑ ΠΑΠΑΝΔΡΕΟΥ - ΙΑΚΙΝ

Ὁ Πρωθυπουργὸς κ. Γ. Παπανδρέου ἐδέχθη χθὲς τὸν Ἄγγλον πρεσβευτὴν σὲρ Ράλφ Μάρεϊ μὲ τὸν ὁποῖον συνεζήτησε τὸ Κυπριακὸν καὶ τὰς ἑλληνοτουρκικὰς σχέσεις. Ἐπίσης ἐδέχθη τὸν πρεσβευτὴν τῶν ΗΠΑ κ. Λάμπρο.

ΤΟΥΡΚΙΚΗ ΔΙΕΥΚΡΙΝΙΣΙΣ

Ἐξ ἄλλου, ἡ τουρκικὴ κυβέρνησις ἀνεκοίνωσεν ὅτι δὲν προτίθεται νὰ καταγγείλῃ τὴν σύμβασιν ἐγκαταστάσεως τῶν Ἑλλήνων ὑπηκόων εἰς Κωνσταντινούπολιν, ἀλλὰ θὰ ἐφαρμόσῃ αὐστηρῶς τοὺς σχετικοὺς νόμους.

ΤΟ ΣΟΣΙΑΛΙΣΤΙΚΟΝ ΚΟΜΜΑ ΔΙΑ ΤΗΝ ΚΥΒΕΡΝΗΣΙΝ ΚΑΙ ΤΗΝ Ε. Μ. ΠΟΤΑΜΟΠΟΥΛΟΥ

Τὸ Ἑλληνικὸν Σοσιαλιστικὸν Κόμμα διὰ ψηφίσματός του ἐπιδοκιμάζει τὰς ἐνεργείας τῆς Κυβερνήσεως διὰ τὸ Κυπριακὸν καὶ καλεῖ τὸν λαὸν εἰς ἐθνικὴν ὁμοψυχίαν.
